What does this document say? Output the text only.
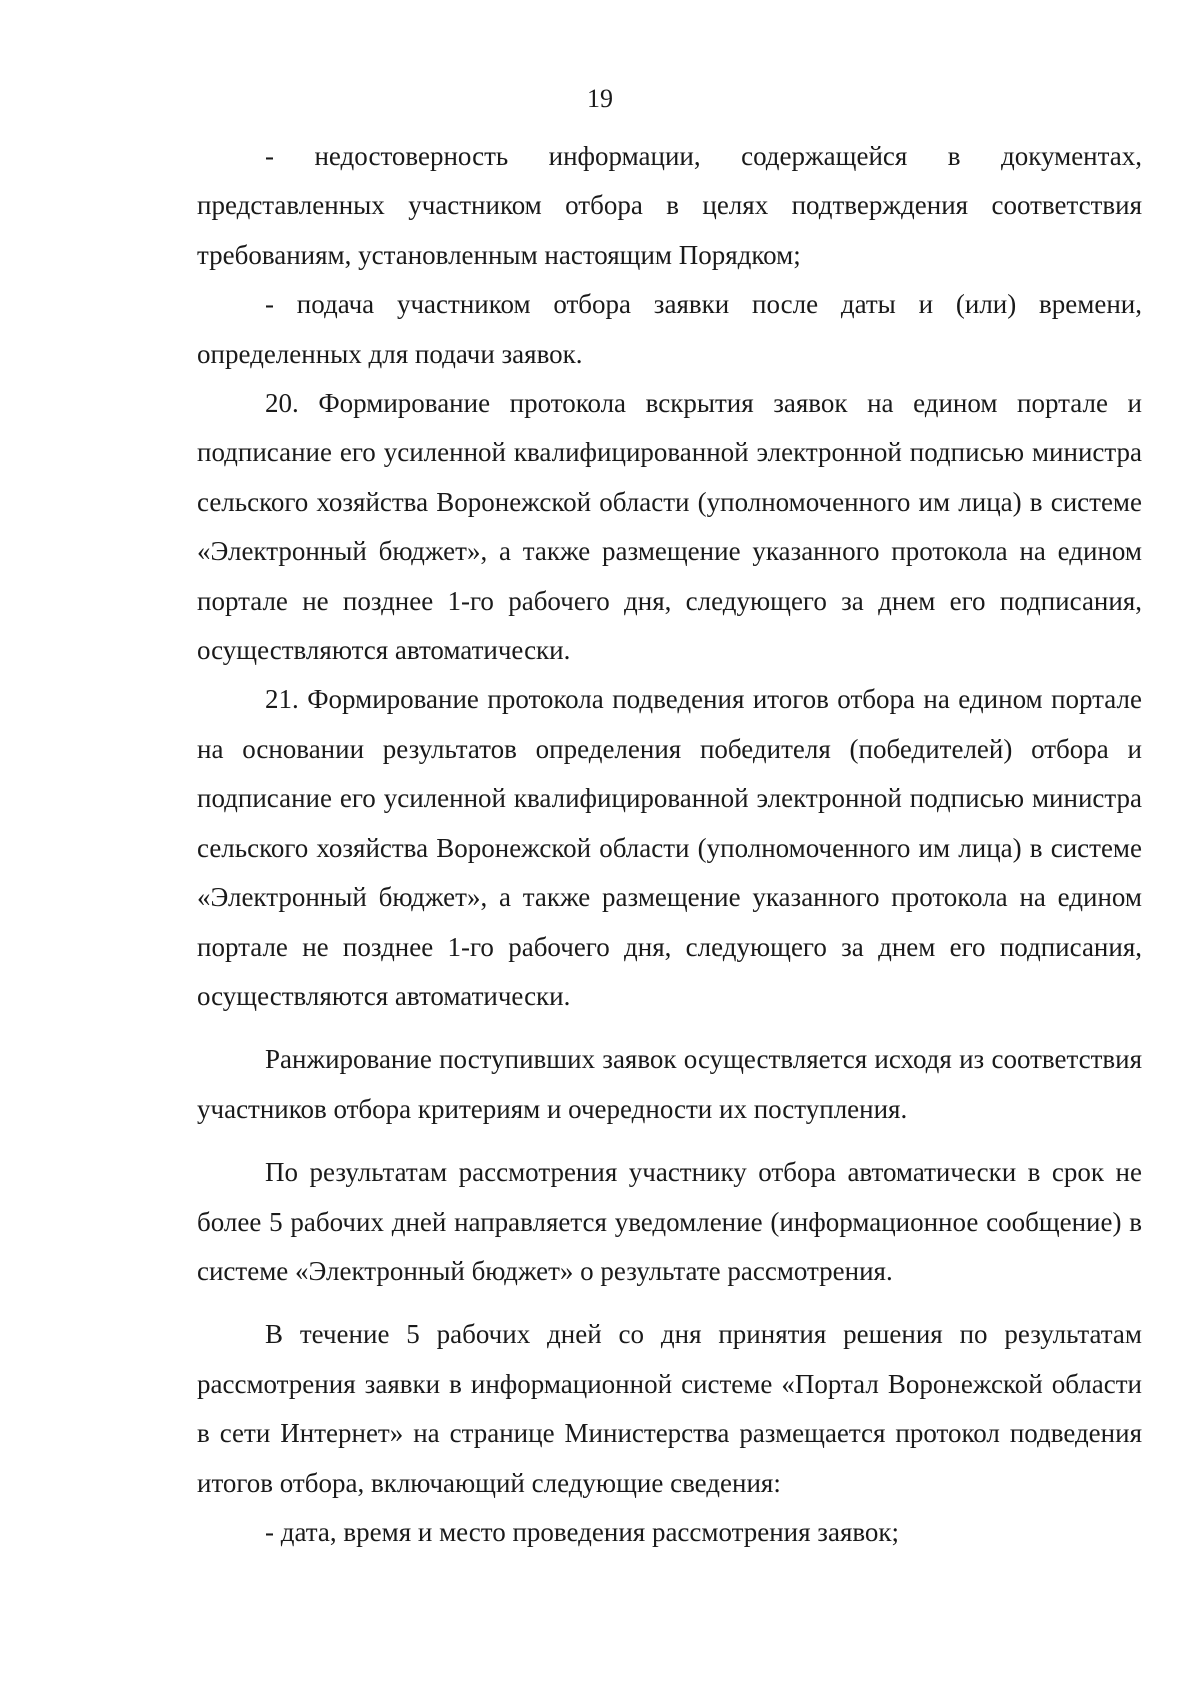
19

- недостоверность информации, содержащейся в документах, представленных участником отбора в целях подтверждения соответствия требованиям, установленным настоящим Порядком;

- подача участником отбора заявки после даты и (или) времени, определенных для подачи заявок.

20. Формирование протокола вскрытия заявок на едином портале и подписание его усиленной квалифицированной электронной подписью министра сельского хозяйства Воронежской области (уполномоченного им лица) в системе «Электронный бюджет», а также размещение указанного протокола на едином портале не позднее 1-го рабочего дня, следующего за днем его подписания, осуществляются автоматически.

21. Формирование протокола подведения итогов отбора на едином портале на основании результатов определения победителя (победителей) отбора и подписание его усиленной квалифицированной электронной подписью министра сельского хозяйства Воронежской области (уполномоченного им лица) в системе «Электронный бюджет», а также размещение указанного протокола на едином портале не позднее 1-го рабочего дня, следующего за днем его подписания, осуществляются автоматически.

Ранжирование поступивших заявок осуществляется исходя из соответствия участников отбора критериям и очередности их поступления.

По результатам рассмотрения участнику отбора автоматически в срок не более 5 рабочих дней направляется уведомление (информационное сообщение) в системе «Электронный бюджет» о результате рассмотрения.

В течение 5 рабочих дней со дня принятия решения по результатам рассмотрения заявки в информационной системе «Портал Воронежской области в сети Интернет» на странице Министерства размещается протокол подведения итогов отбора, включающий следующие сведения:

- дата, время и место проведения рассмотрения заявок;
